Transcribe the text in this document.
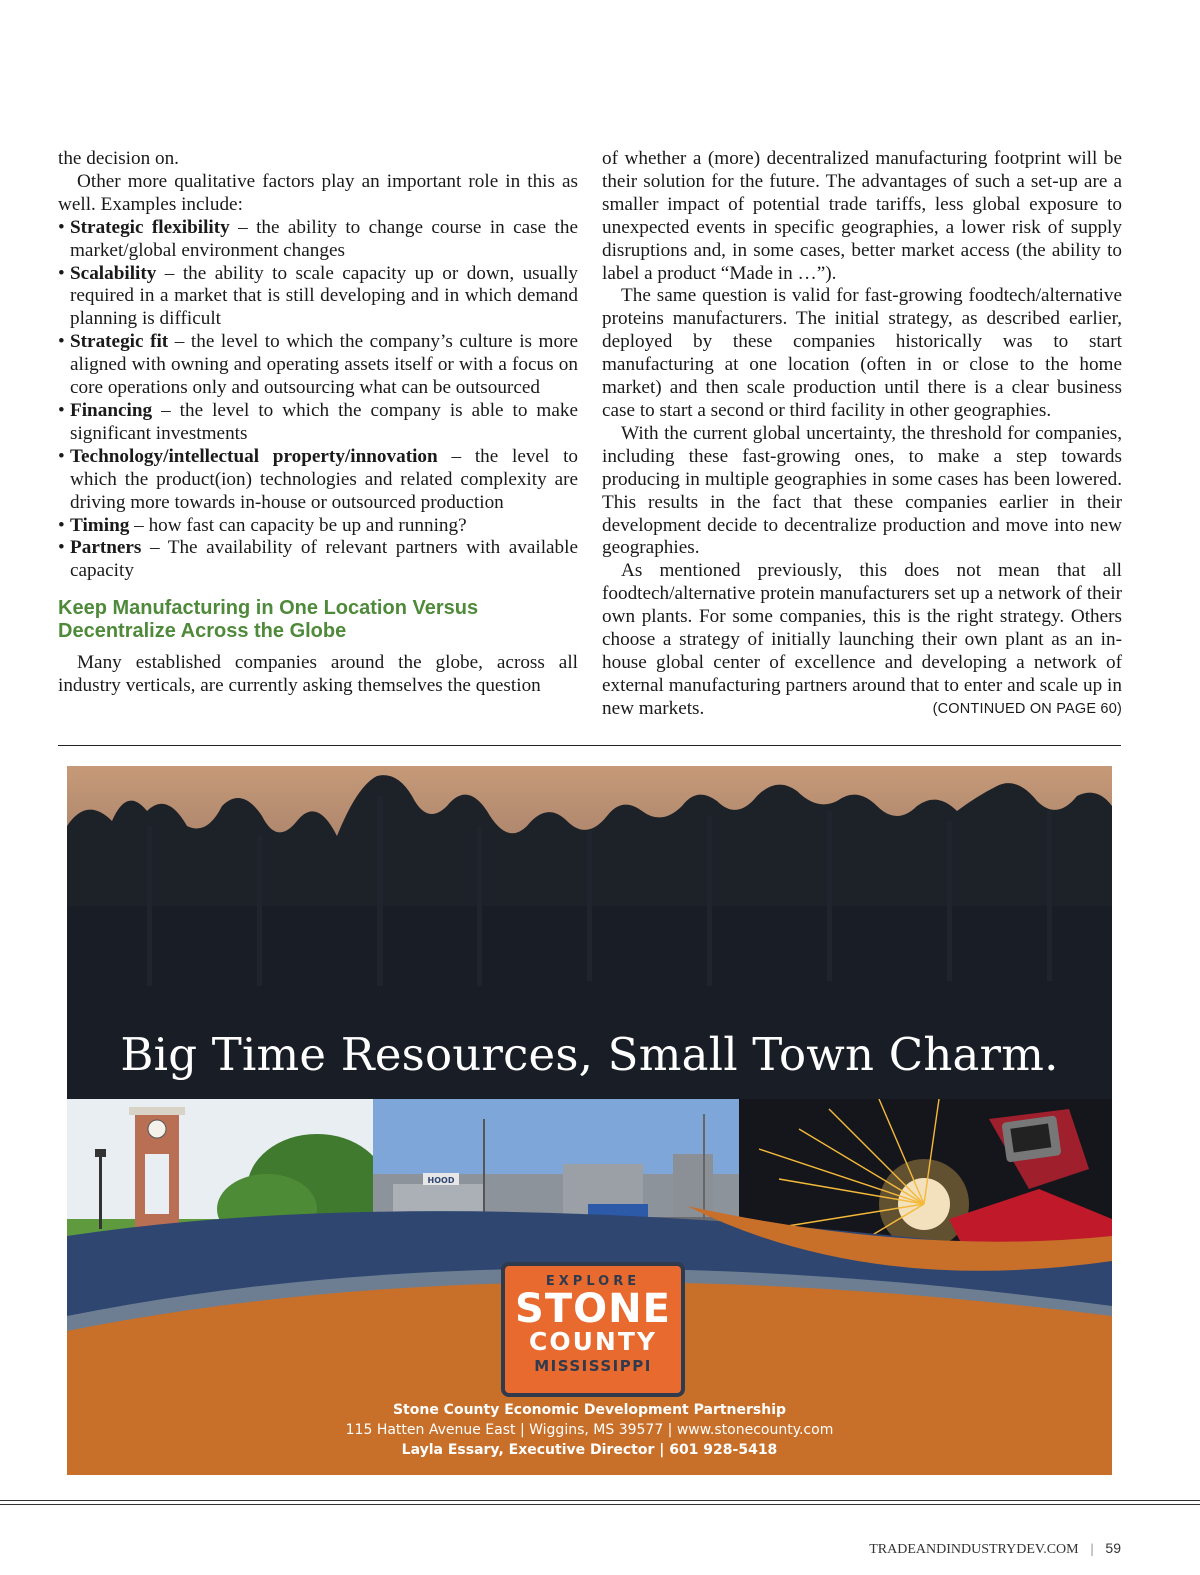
the decision on.

Other more qualitative factors play an important role in this as well. Examples include:

• Strategic flexibility – the ability to change course in case the market/global environment changes
• Scalability – the ability to scale capacity up or down, usually required in a market that is still developing and in which demand planning is difficult
• Strategic fit – the level to which the company’s culture is more aligned with owning and operating assets itself or with a focus on core operations only and outsourcing what can be outsourced
• Financing – the level to which the company is able to make significant investments
• Technology/intellectual property/innovation – the level to which the product(ion) technologies and related complexity are driving more towards in-house or outsourced production
• Timing – how fast can capacity be up and running?
• Partners – The availability of relevant partners with available capacity
Keep Manufacturing in One Location Versus Decentralize Across the Globe

Many established companies around the globe, across all industry verticals, are currently asking themselves the question

of whether a (more) decentralized manufacturing footprint will be their solution for the future. The advantages of such a set-up are a smaller impact of potential trade tariffs, less global exposure to unexpected events in specific geographies, a lower risk of supply disruptions and, in some cases, better market access (the ability to label a product “Made in …”).

The same question is valid for fast-growing foodtech/alternative proteins manufacturers. The initial strategy, as described earlier, deployed by these companies historically was to start manufacturing at one location (often in or close to the home market) and then scale production until there is a clear business case to start a second or third facility in other geographies.

With the current global uncertainty, the threshold for companies, including these fast-growing ones, to make a step towards producing in multiple geographies in some cases has been lowered. This results in the fact that these companies earlier in their development decide to decentralize production and move into new geographies.

As mentioned previously, this does not mean that all foodtech/alternative protein manufacturers set up a network of their own plants. For some companies, this is the right strategy. Others choose a strategy of initially launching their own plant as an in-house global center of excellence and developing a network of external manufacturing partners around that to enter and scale up in new markets.	(CONTINUED ON PAGE 60)

Big Time Resources, Small Town Charm.
HOOD
EXPLORE
STONE
COUNTY
MISSISSIPPI
Stone County Economic Development Partnership
115 Hatten Avenue East | Wiggins, MS 39577 | www.stonecounty.com
Layla Essary, Executive Director | 601 928-5418
TRADEANDINDUSTRYDEV.COM | 59
